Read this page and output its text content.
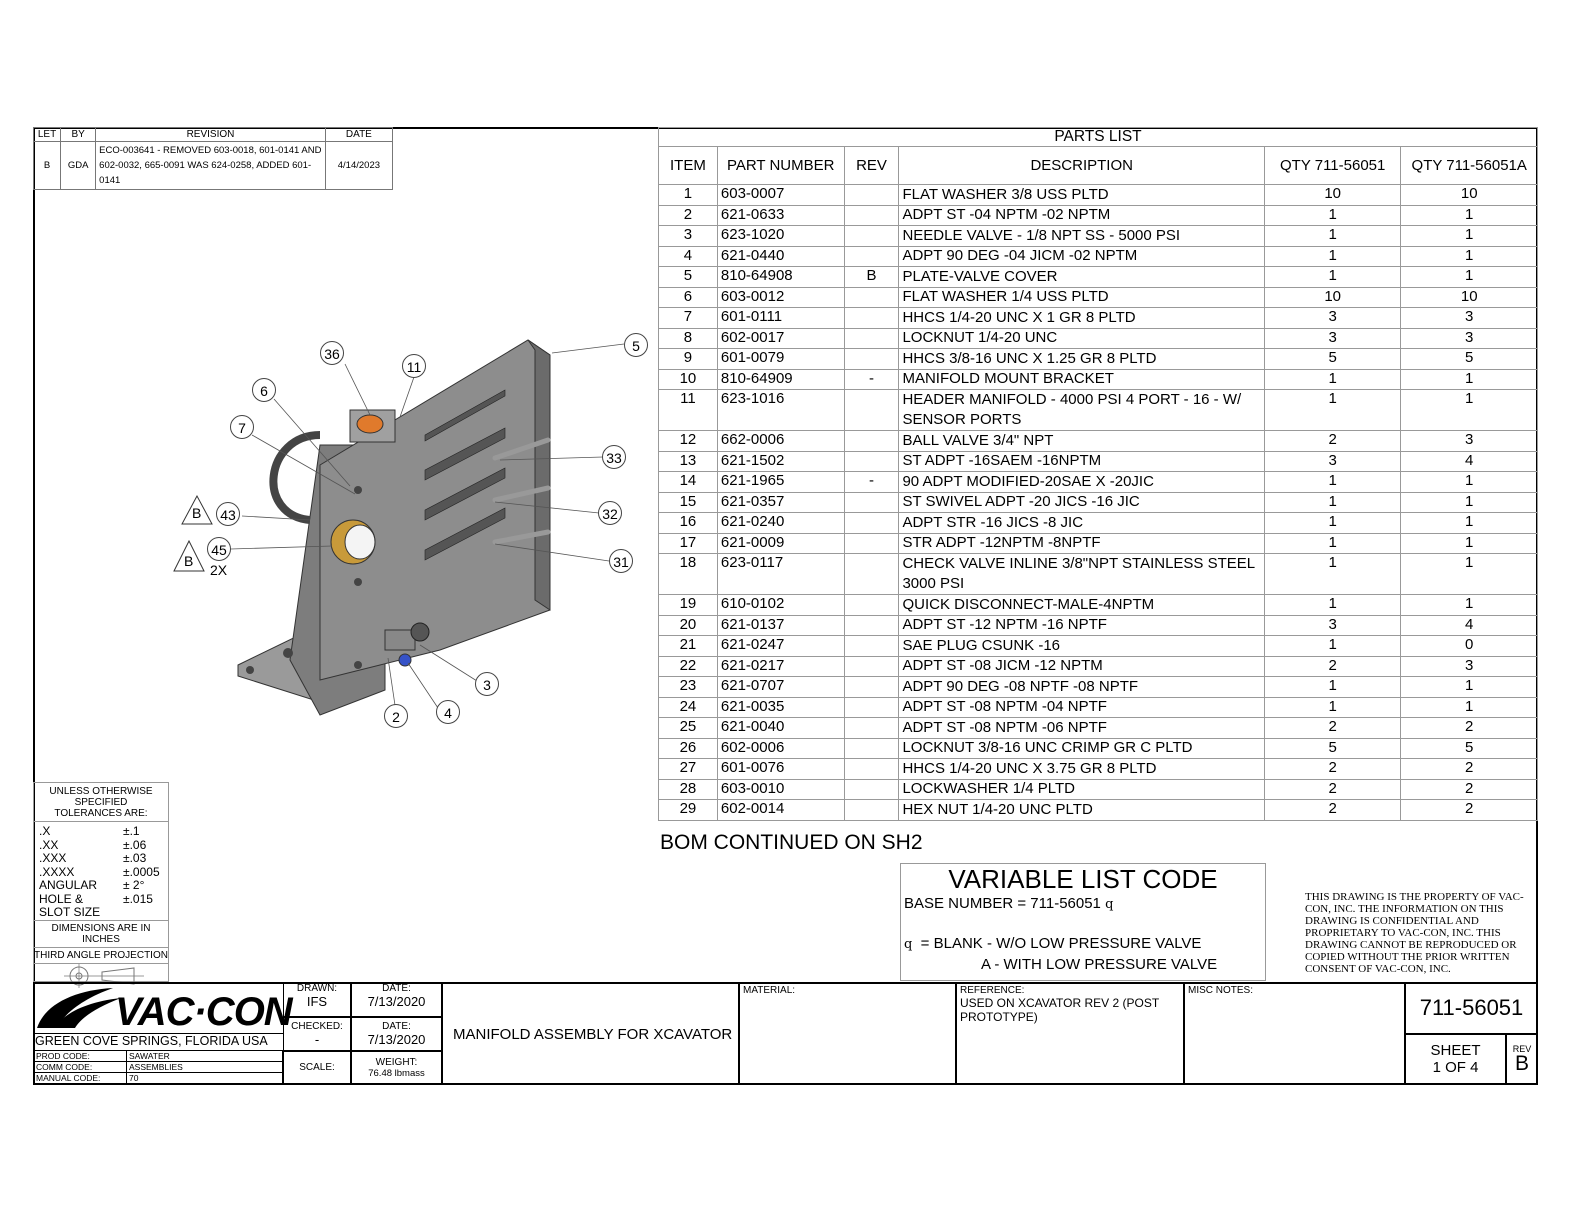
LET	BY	REVISION	DATE
B	GDA	ECO-003641 - REMOVED 603-0018, 601-0141 AND 602-0032, 665-0091 WAS 624-0258, ADDED 601-0141	4/14/2023
PARTS LIST					
ITEM	PART NUMBER	REV	DESCRIPTION	QTY 711-56051	QTY 711-56051A
1	603-0007		FLAT WASHER 3/8 USS PLTD	10	10
2	621-0633		ADPT ST -04 NPTM -02 NPTM	1	1
3	623-1020		NEEDLE VALVE - 1/8 NPT SS - 5000 PSI	1	1
4	621-0440		ADPT 90 DEG -04 JICM -02 NPTM	1	1
5	810-64908	B	PLATE-VALVE COVER	1	1
6	603-0012		FLAT WASHER 1/4 USS PLTD	10	10
7	601-0111		HHCS 1/4-20 UNC X 1 GR 8 PLTD	3	3
8	602-0017		LOCKNUT 1/4-20 UNC	3	3
9	601-0079		HHCS 3/8-16 UNC X 1.25 GR 8 PLTD	5	5
10	810-64909	-	MANIFOLD MOUNT BRACKET	1	1
11	623-1016		HEADER MANIFOLD - 4000 PSI 4 PORT - 16 - W/ SENSOR PORTS	1	1
12	662-0006		BALL VALVE 3/4" NPT	2	3
13	621-1502		ST ADPT -16SAEM -16NPTM	3	4
14	621-1965	-	90 ADPT MODIFIED-20SAE X -20JIC	1	1
15	621-0357		ST SWIVEL ADPT -20 JICS -16 JIC	1	1
16	621-0240		ADPT STR -16 JICS -8 JIC	1	1
17	621-0009		STR ADPT -12NPTM -8NPTF	1	1
18	623-0117		CHECK VALVE INLINE 3/8"NPT STAINLESS STEEL 3000 PSI	1	1
19	610-0102		QUICK DISCONNECT-MALE-4NPTM	1	1
20	621-0137		ADPT ST -12 NPTM -16 NPTF	3	4
21	621-0247		SAE PLUG CSUNK -16	1	0
22	621-0217		ADPT ST -08 JICM -12 NPTM	2	3
23	621-0707		ADPT 90 DEG -08 NPTF -08 NPTF	1	1
24	621-0035		ADPT ST -08 NPTM -04 NPTF	1	1
25	621-0040		ADPT ST -08 NPTM -06 NPTF	2	2
26	602-0006		LOCKNUT 3/8-16 UNC CRIMP GR C PLTD	5	5
27	601-0076		HHCS 1/4-20 UNC X 3.75 GR 8 PLTD	2	2
28	603-0010		LOCKWASHER 1/4 PLTD	2	2
29	602-0014		HEX NUT 1/4-20 UNC PLTD	2	2
BOM CONTINUED ON SH2
VARIABLE LIST CODE
BASE NUMBER = 711-56051 q
q = BLANK - W/O LOW PRESSURE VALVE
A - WITH LOW PRESSURE VALVE
THIS DRAWING IS THE PROPERTY OF VAC-CON, INC. THE INFORMATION ON THIS DRAWING IS CONFIDENTIAL AND PROPRIETARY TO VAC-CON, INC. THIS DRAWING CANNOT BE REPRODUCED OR COPIED WITHOUT THE PRIOR WRITTEN CONSENT OF VAC-CON, INC.
UNLESS OTHERWISE SPECIFIED
TOLERANCES ARE:
.X	±.1
.XX	±.06
.XXX	±.03
.XXXX	±.0005
ANGULAR	± 2°
HOLE &	±.015
SLOT SIZE
DIMENSIONS ARE IN INCHES
THIRD ANGLE PROJECTION
36
11
5
6
7
33
32
31
43
45
3
4
2
B
B
2X
VAC·CON
GREEN COVE SPRINGS, FLORIDA USA
PROD CODE:	SAWATER
COMM CODE:	ASSEMBLIES
MANUAL CODE:	70
DRAWN:
IFS
CHECKED:
-
SCALE:
DATE:
7/13/2020
DATE:
7/13/2020
WEIGHT:
76.48 lbmass
MANIFOLD ASSEMBLY FOR XCAVATOR
MATERIAL:	REFERENCE:
USED ON XCAVATOR REV 2 (POST PROTOTYPE)
MISC NOTES:
711-56051
SHEET
1 OF 4
REV
B
